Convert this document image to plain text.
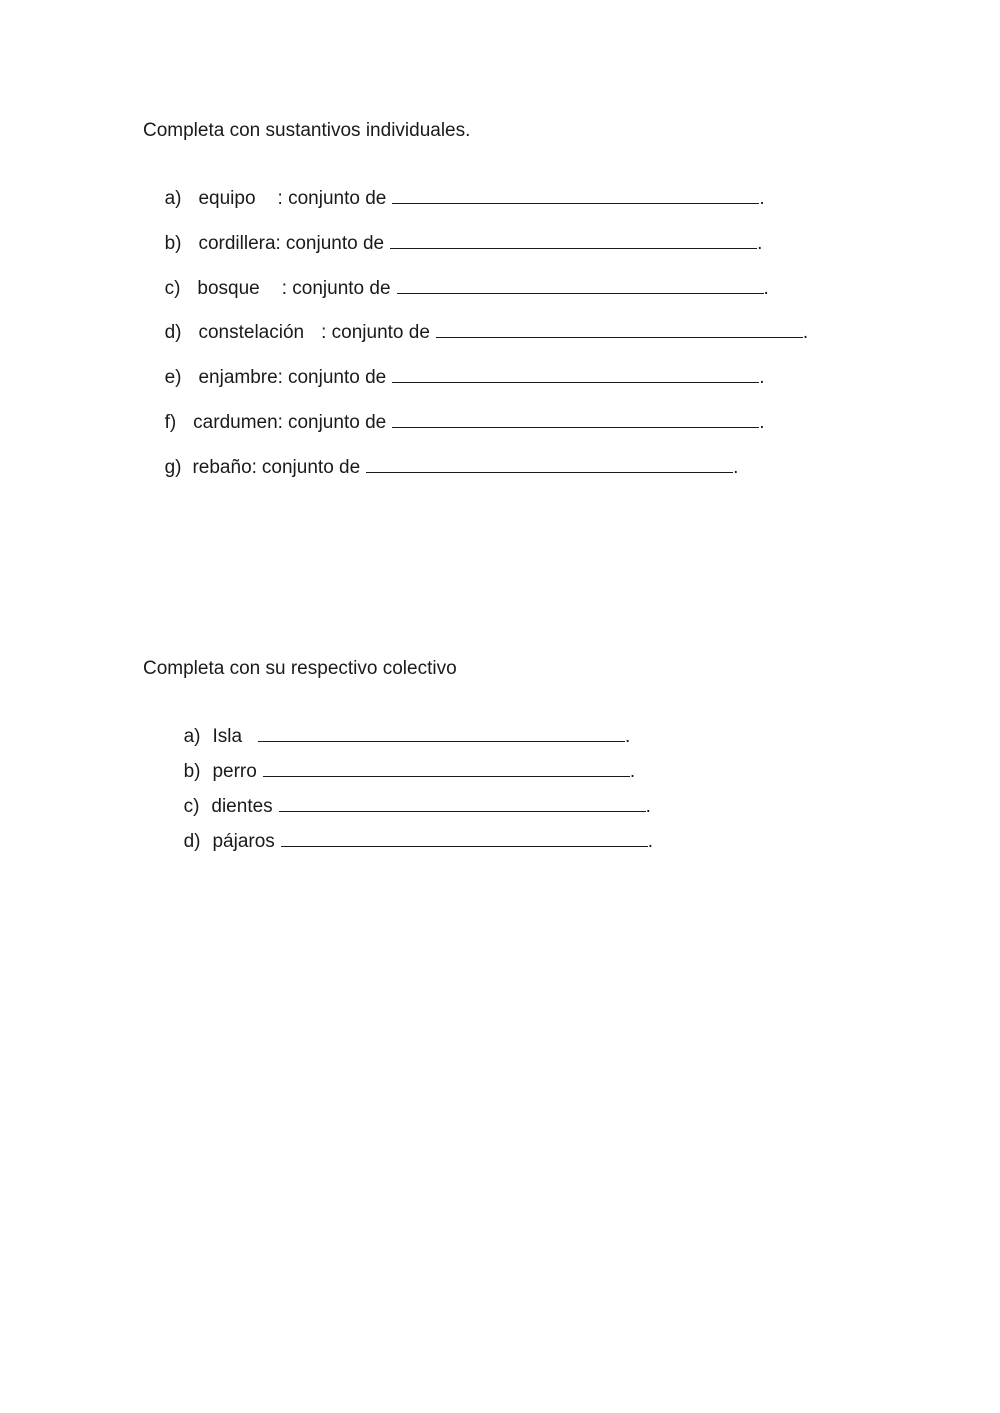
Completa con sustantivos individuales.

a) equipo : conjunto de	.

b) cordillera: conjunto de	.

c) bosque : conjunto de	.

d) constelación : conjunto de	.

e) enjambre: conjunto de	.

f) cardumen: conjunto de	.

g) rebaño: conjunto de	.

Completa con su respectivo colectivo

a) Isla	.

b) perro	.

c) dientes	.

d) pájaros	.
